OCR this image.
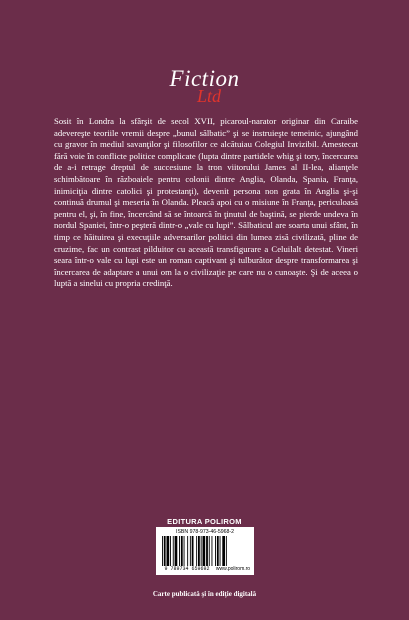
Fiction
Ltd

Sosit în Londra la sfârşit de secol XVII, picaroul-narator originar din Caraibe adevereşte teoriile vremii despre „bunul sălbatic” şi se instruieşte temeinic, ajungând cu gravor în mediul savanţilor şi filosofilor ce alcătuiau Colegiul Invizibil. Amestecat fără voie în conflicte politice complicate (lupta dintre partidele whig şi tory, încercarea de a-i retrage dreptul de succesiune la tron viitorului James al II-lea, alianţele schimbătoare în războaiele pentru colonii dintre Anglia, Olanda, Spania, Franţa, inimiciţia dintre catolici şi protestanţi), devenit persona non grata în Anglia şi-şi continuă drumul şi meseria în Olanda. Pleacă apoi cu o misiune în Franţa, periculoasă pentru el, şi, în fine, încercând să se întoarcă în ţinutul de baştină, se pierde undeva în nordul Spaniei, într-o peşteră dintr-o „vale cu lupi”. Sălbaticul are soarta unui sfânt, în timp ce hăituirea şi execuţiile adversarilor politici din lumea zisă civilizată, pline de cruzime, fac un contrast pilduitor cu această transfigurare a Celuilalt detestat. Vineri seara într-o vale cu lupi este un roman captivant şi tulburător despre transformarea şi încercarea de adaptare a unui om la o civilizaţie pe care nu o cunoaşte. Şi de aceea o luptă a sinelui cu propria credinţă.

EDITURA POLIROM
ISBN 978-973-46-5968-2
9 789734 659692	www.polirom.ro
Carte publicată şi în ediţie digitală
